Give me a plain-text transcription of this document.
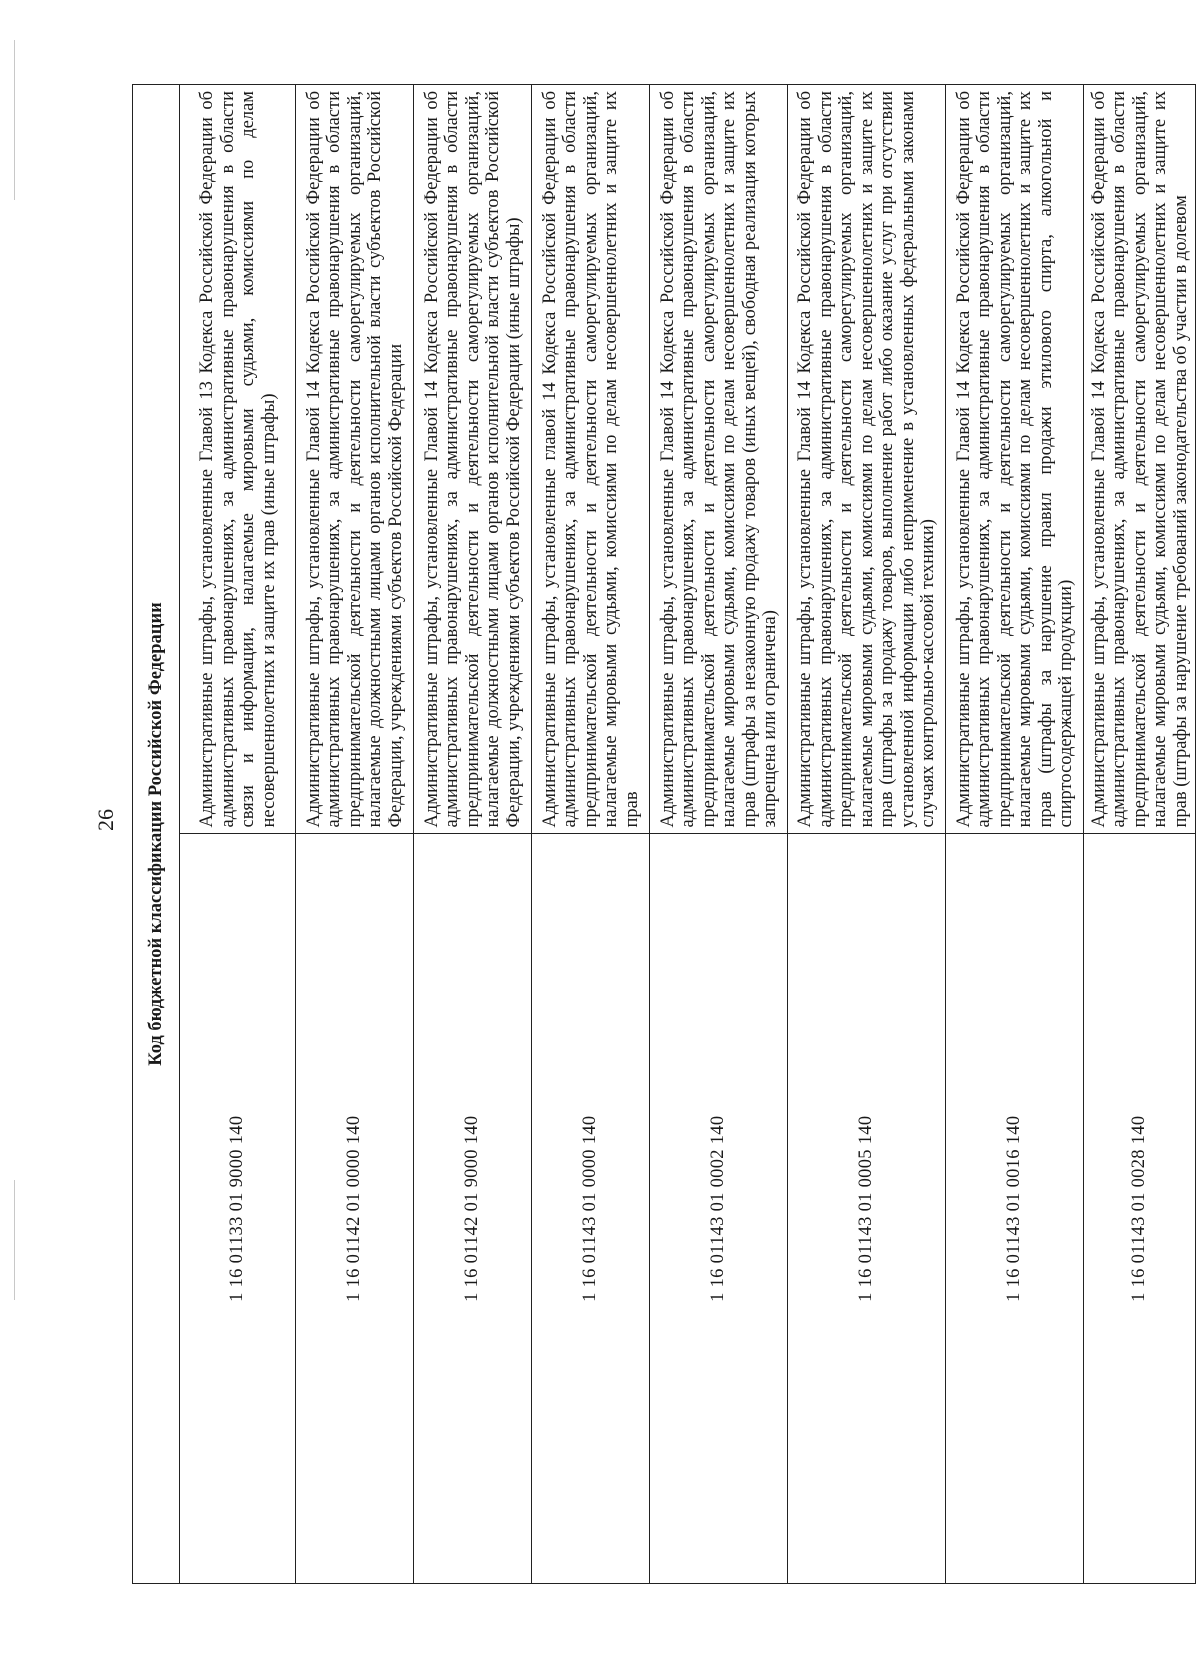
26	Код бюджетной классификации Российской Федерации	
1 16 01133 01 9000 140	Административные штрафы, установленные Главой 13 Кодекса Российской Федерации об административных правонарушениях, за административные правонарушения в области связи и информации, налагаемые мировыми судьями, комиссиями по делам несовершеннолетних и защите их прав (иные штрафы)

1 16 01142 01 0000 140	Административные штрафы, установленные Главой 14 Кодекса Российской Федерации об административных правонарушениях, за административные правонарушения в области предпринимательской деятельности и деятельности саморегулируемых организаций, налагаемые должностными лицами органов исполнительной власти субъектов Российской Федерации, учреждениями субъектов Российской Федерации

1 16 01142 01 9000 140	Административные штрафы, установленные Главой 14 Кодекса Российской Федерации об административных правонарушениях, за административные правонарушения в области предпринимательской деятельности и деятельности саморегулируемых организаций, налагаемые должностными лицами органов исполнительной власти субъектов Российской Федерации, учреждениями субъектов Российской Федерации (иные штрафы)

1 16 01143 01 0000 140	Административные штрафы, установленные главой 14 Кодекса Российской Федерации об административных правонарушениях, за административные правонарушения в области предпринимательской деятельности и деятельности саморегулируемых организаций, налагаемые мировыми судьями, комиссиями по делам несовершеннолетних и защите их прав

1 16 01143 01 0002 140	Административные штрафы, установленные Главой 14 Кодекса Российской Федерации об административных правонарушениях, за административные правонарушения в области предпринимательской деятельности и деятельности саморегулируемых организаций, налагаемые мировыми судьями, комиссиями по делам несовершеннолетних и защите их прав (штрафы за незаконную продажу товаров (иных вещей), свободная реализация которых запрещена или ограничена)

1 16 01143 01 0005 140	Административные штрафы, установленные Главой 14 Кодекса Российской Федерации об административных правонарушениях, за административные правонарушения в области предпринимательской деятельности и деятельности саморегулируемых организаций, налагаемые мировыми судьями, комиссиями по делам несовершеннолетних и защите их прав (штрафы за продажу товаров, выполнение работ либо оказание услуг при отсутствии установленной информации либо неприменение в установленных федеральными законами случаях контрольно-кассовой техники)

1 16 01143 01 0016 140	Административные штрафы, установленные Главой 14 Кодекса Российской Федерации об административных правонарушениях, за административные правонарушения в области предпринимательской деятельности и деятельности саморегулируемых организаций, налагаемые мировыми судьями, комиссиями по делам несовершеннолетних и защите их прав (штрафы за нарушение правил продажи этилового спирта, алкогольной и спиртосодержащей продукции)

1 16 01143 01 0028 140	Административные штрафы, установленные Главой 14 Кодекса Российской Федерации об административных правонарушениях, за административные правонарушения в области предпринимательской деятельности и деятельности саморегулируемых организаций, налагаемые мировыми судьями, комиссиями по делам несовершеннолетних и защите их прав (штрафы за нарушение требований законодательства об участии в долевом
